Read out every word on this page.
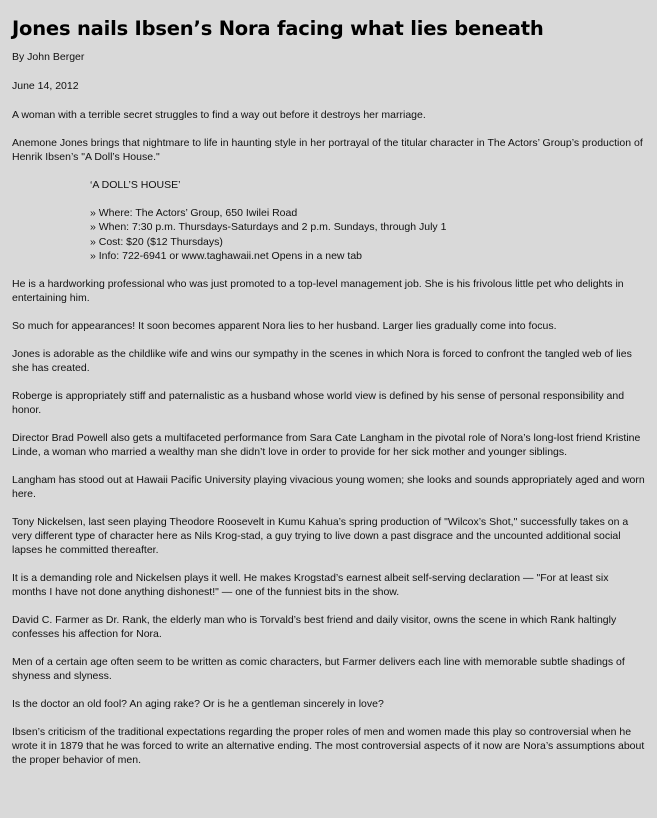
Jones nails Ibsen’s Nora facing what lies beneath

By John Berger

June 14, 2012

A woman with a terrible secret struggles to find a way out before it destroys her marriage.

Anemone Jones brings that nightmare to life in haunting style in her portrayal of the titular character in The Actors’ Group’s production of Henrik Ibsen’s "A Doll’s House."

‘A DOLL’S HOUSE’

» Where: The Actors’ Group, 650 Iwilei Road

» When: 7:30 p.m. Thursdays-Saturdays and 2 p.m. Sundays, through July 1

» Cost: $20 ($12 Thursdays)

» Info: 722-6941 or www.taghawaii.net Opens in a new tab

He is a hardworking professional who was just promoted to a top-level management job. She is his frivolous little pet who delights in entertaining him.

So much for appearances! It soon becomes apparent Nora lies to her husband. Larger lies gradually come into focus.

Jones is adorable as the childlike wife and wins our sympathy in the scenes in which Nora is forced to confront the tangled web of lies she has created.

Roberge is appropriately stiff and paternalistic as a husband whose world view is defined by his sense of personal responsibility and honor.

Director Brad Powell also gets a multifaceted performance from Sara Cate Langham in the pivotal role of Nora’s long-lost friend Kristine Linde, a woman who married a wealthy man she didn’t love in order to provide for her sick mother and younger siblings.

Langham has stood out at Hawaii Pacific University playing vivacious young women; she looks and sounds appropriately aged and worn here.

Tony Nickelsen, last seen playing Theodore Roosevelt in Kumu Kahua’s spring production of "Wilcox’s Shot," successfully takes on a very different type of character here as Nils Krog-stad, a guy trying to live down a past disgrace and the uncounted additional social lapses he committed thereafter.

It is a demanding role and Nickelsen plays it well. He makes Krogstad’s earnest albeit self-serving declaration — "For at least six months I have not done anything dishonest!" — one of the funniest bits in the show.

David C. Farmer as Dr. Rank, the elderly man who is Torvald’s best friend and daily visitor, owns the scene in which Rank haltingly confesses his affection for Nora.

Men of a certain age often seem to be written as comic characters, but Farmer delivers each line with memorable subtle shadings of shyness and slyness.

Is the doctor an old fool? An aging rake? Or is he a gentleman sincerely in love?

Ibsen’s criticism of the traditional expectations regarding the proper roles of men and women made this play so controversial when he wrote it in 1879 that he was forced to write an alternative ending. The most controversial aspects of it now are Nora’s assumptions about the proper behavior of men.
